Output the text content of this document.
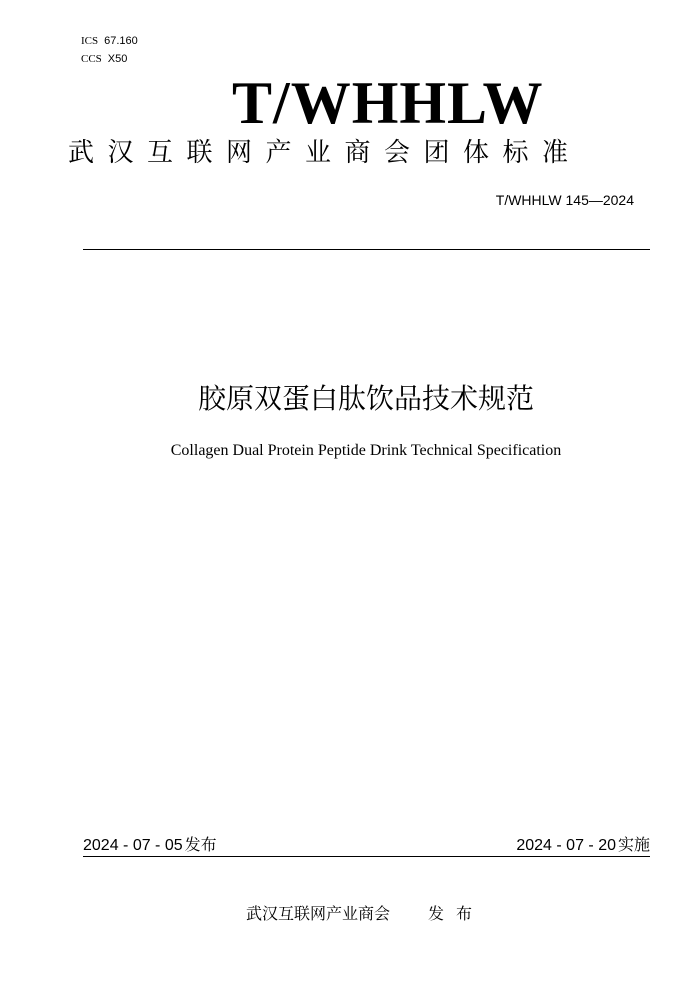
ICS 67.160
CCS X50
T/WHHLW
武汉互联网产业商会团体标准
T/WHHLW 145—2024
胶原双蛋白肽饮品技术规范
Collagen Dual Protein Peptide Drink Technical Specification
2024 - 07 - 05 发布	2024 - 07 - 20 实施
武汉互联网产业商会 发布
